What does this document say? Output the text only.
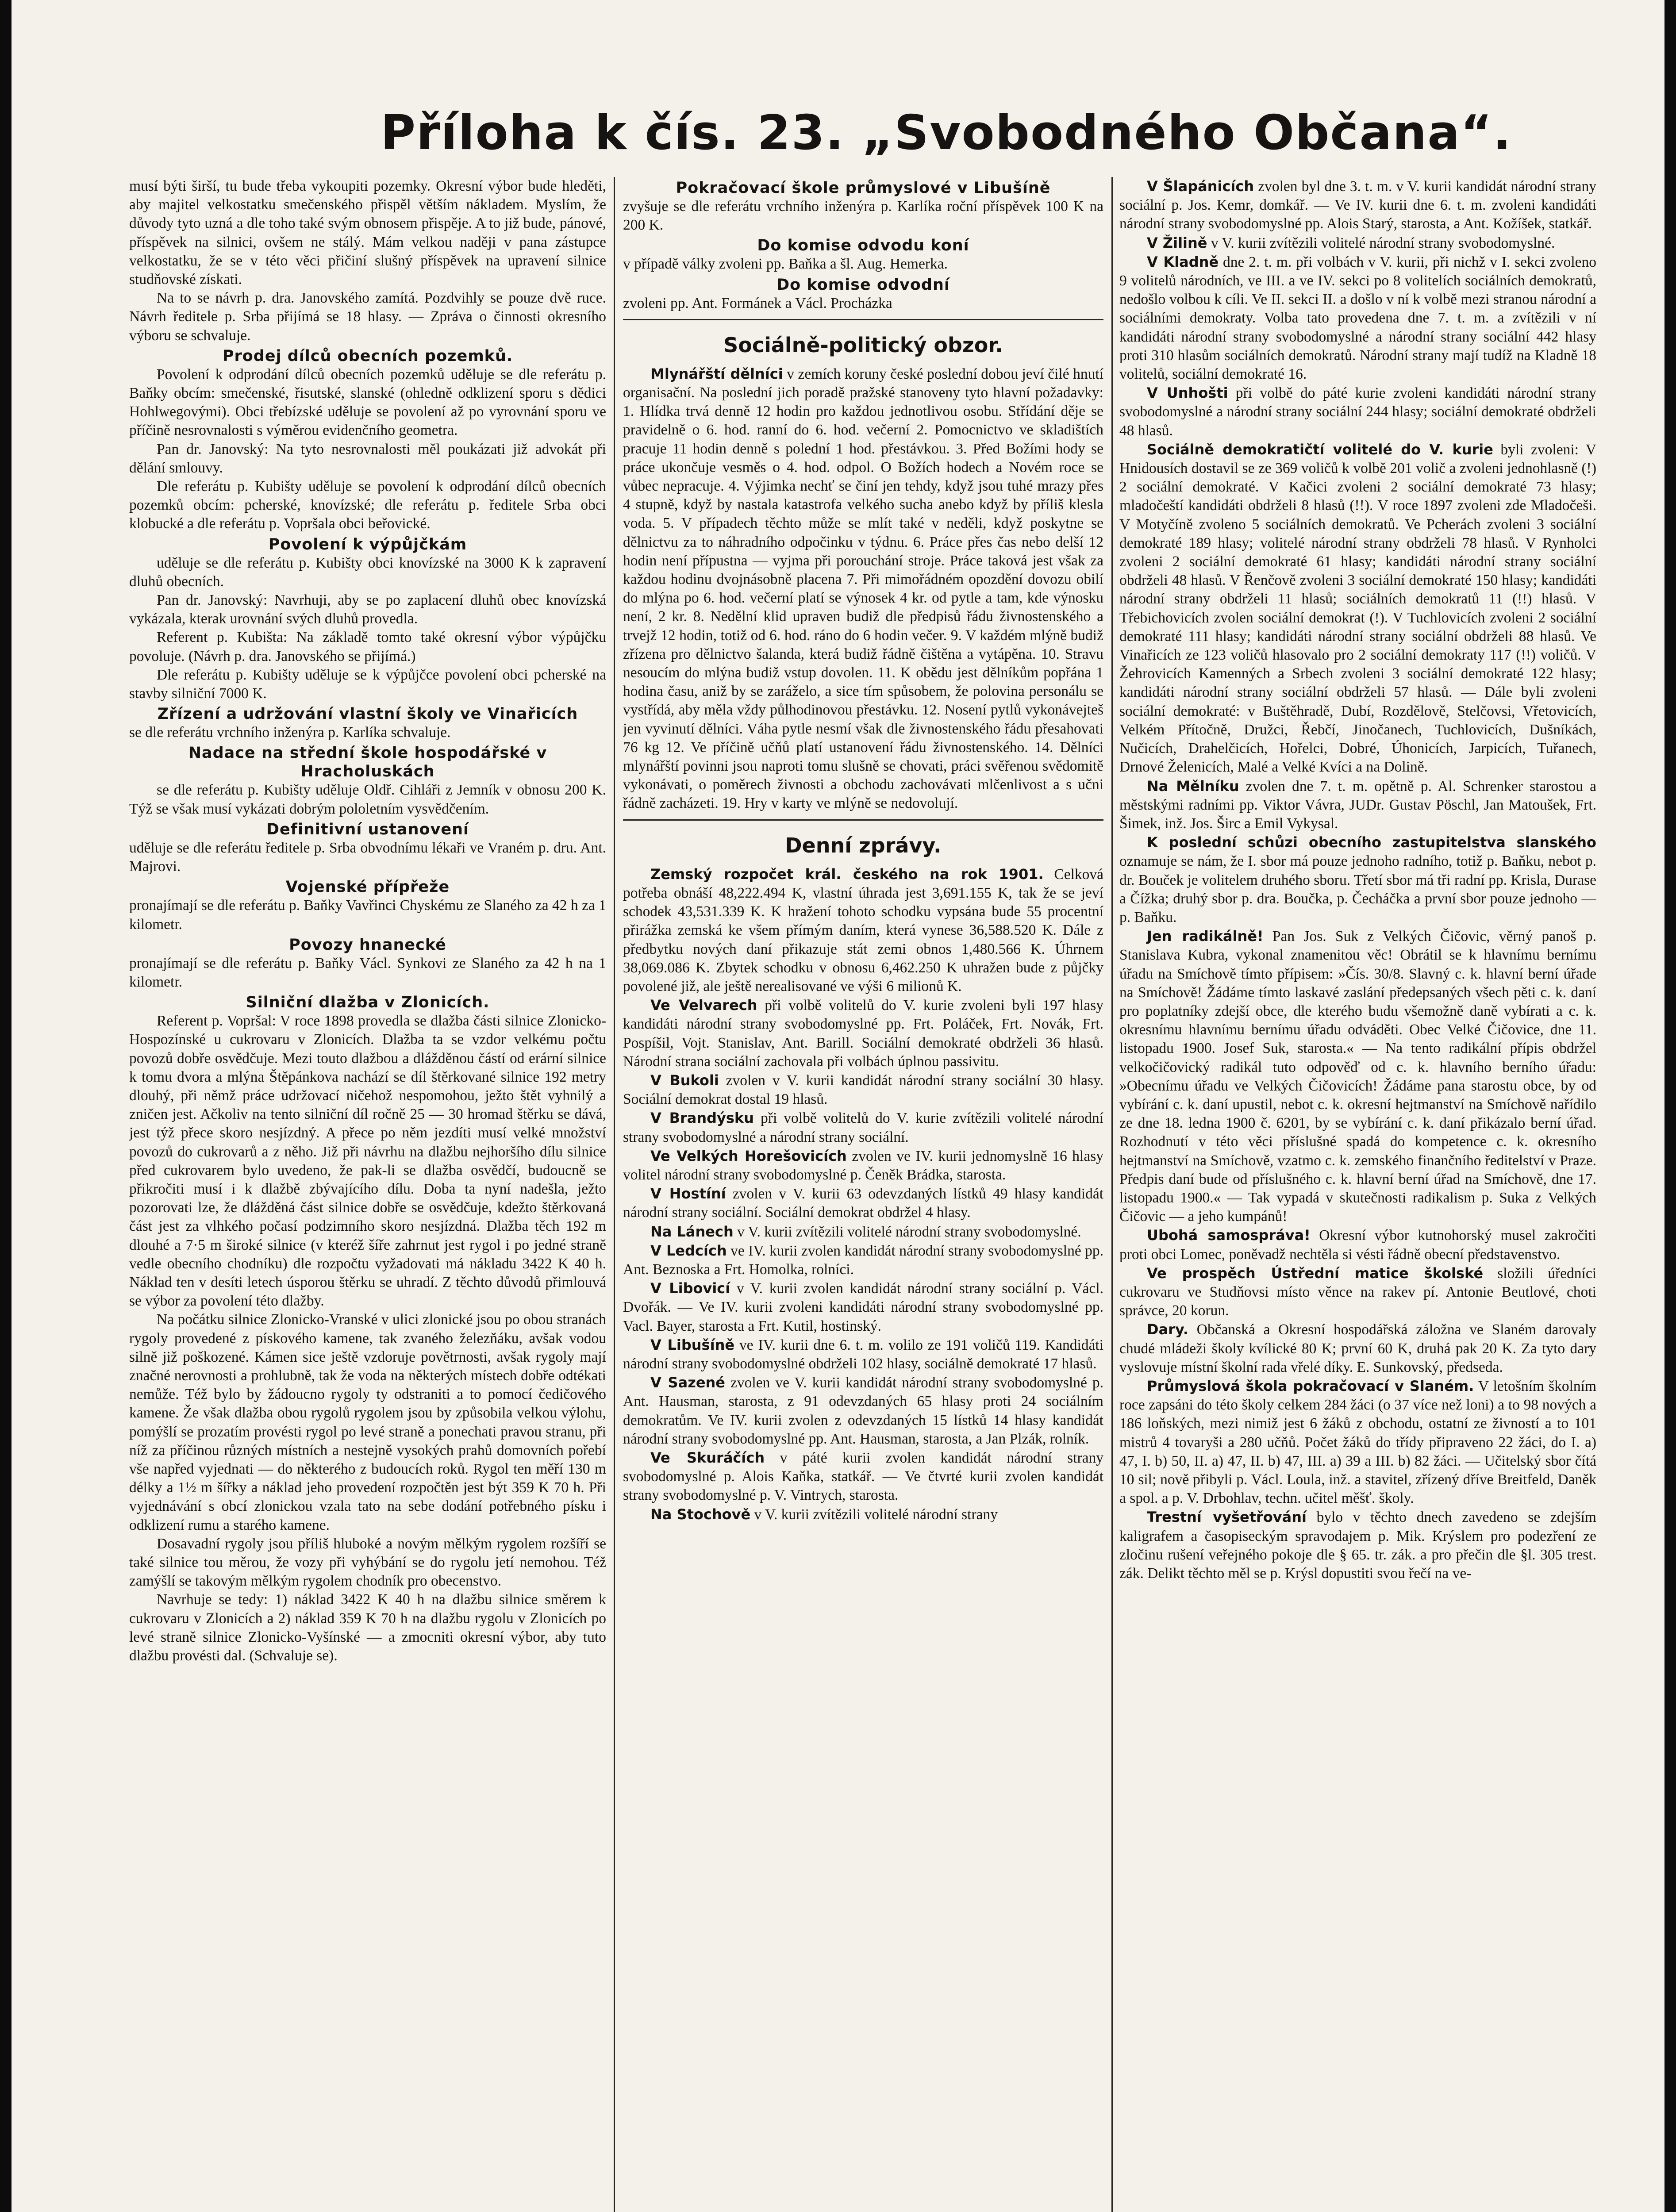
Příloha k čís. 23. „Svobodného Občana“.

musí býti širší, tu bude třeba vykoupiti pozemky. Okresní výbor bude hleděti, aby majitel velkostatku smečenského přispěl větším nákladem. Myslím, že důvody tyto uzná a dle toho také svým obnosem přispěje. A to již bude, pánové, příspěvek na silnici, ovšem ne stálý. Mám velkou naději v pana zástupce velkostatku, že se v této věci přičiní slušný příspěvek na upravení silnice studňovské získati.

Na to se návrh p. dra. Janovského zamítá. Pozdvihly se pouze dvě ruce. Návrh ředitele p. Srba přijímá se 18 hlasy. — Zpráva o činnosti okresního výboru se schvaluje.

Prodej dílců obecních pozemků.

Povolení k odprodání dílců obecních pozemků uděluje se dle referátu p. Baňky obcím: smečenské, řisutské, slanské (ohledně odklizení sporu s dědici Hohlwegovými). Obci třebízské uděluje se povolení až po vyrovnání sporu ve příčině nesrovnalosti s výměrou evidenčního geometra.

Pan dr. Janovský: Na tyto nesrovnalosti měl poukázati již advokát při dělání smlouvy.

Dle referátu p. Kubišty uděluje se povolení k odprodání dílců obecních pozemků obcím: pcherské, knovízské; dle referátu p. ředitele Srba obci klobucké a dle referátu p. Vopršala obci beřovické.

Povolení k výpůjčkám

uděluje se dle referátu p. Kubišty obci knovízské na 3000 K k zapravení dluhů obecních.

Pan dr. Janovský: Navrhuji, aby se po zaplacení dluhů obec knovízská vykázala, kterak urovnání svých dluhů provedla.

Referent p. Kubišta: Na základě tomto také okresní výbor výpůjčku povoluje. (Návrh p. dra. Janovského se přijímá.)

Dle referátu p. Kubišty uděluje se k výpůjčce povolení obci pcherské na stavby silniční 7000 K.

Zřízení a udržování vlastní školy ve Vinařicích

se dle referátu vrchního inženýra p. Karlíka schvaluje.

Nadace na střední škole hospodářské v Hracholuskách

se dle referátu p. Kubišty uděluje Oldř. Cihláři z Jemník v obnosu 200 K. Týž se však musí vykázati dobrým pololetním vysvědčením.

Definitivní ustanovení

uděluje se dle referátu ředitele p. Srba obvodnímu lékaři ve Vraném p. dru. Ant. Majrovi.

Vojenské přípřeže

pronajímají se dle referátu p. Baňky Vavřinci Chyskému ze Slaného za 42 h za 1 kilometr.

Povozy hnanecké

pronajímají se dle referátu p. Baňky Václ. Synkovi ze Slaného za 42 h na 1 kilometr.

Silniční dlažba v Zlonicích.

Referent p. Vopršal: V roce 1898 provedla se dlažba části silnice Zlonicko-Hospozínské u cukrovaru v Zlonicích. Dlažba ta se vzdor velkému počtu povozů dobře osvědčuje. Mezi touto dlažbou a dlážděnou částí od erární silnice k tomu dvora a mlýna Štěpánkova nachází se díl štěrkované silnice 192 metry dlouhý, při němž práce udržovací ničehož nespomohou, ježto štět vyhnilý a zničen jest. Ačkoliv na tento silniční díl ročně 25 — 30 hromad štěrku se dává, jest týž přece skoro nesjízdný. A přece po něm jezdíti musí velké množství povozů do cukrovarů a z něho. Již při návrhu na dlažbu nejhoršího dílu silnice před cukrovarem bylo uvedeno, že pak-li se dlažba osvědčí, budoucně se přikročiti musí i k dlažbě zbývajícího dílu. Doba ta nyní nadešla, ježto pozorovati lze, že dlážděná část silnice dobře se osvědčuje, kdežto štěrkovaná část jest za vlhkého počasí podzimního skoro nesjízdná. Dlažba těch 192 m dlouhé a 7·5 m široké silnice (v kteréž šíře zahrnut jest rygol i po jedné straně vedle obecního chodníku) dle rozpočtu vyžadovati má nákladu 3422 K 40 h. Náklad ten v desíti letech úsporou štěrku se uhradí. Z těchto důvodů přimlouvá se výbor za povolení této dlažby.

Na počátku silnice Zlonicko-Vranské v ulici zlonické jsou po obou stranách rygoly provedené z pískového kamene, tak zvaného železňáku, avšak vodou silně již poškozené. Kámen sice ještě vzdoruje povětrnosti, avšak rygoly mají značné nerovnosti a prohlubně, tak že voda na některých místech dobře odtékati nemůže. Též bylo by žádoucno rygoly ty odstraniti a to pomocí čedičového kamene. Že však dlažba obou rygolů rygolem jsou by způsobila velkou výlohu, pomýšlí se prozatím provésti rygol po levé straně a ponechati pravou stranu, při níž za příčinou různých místních a nestejně vysokých prahů domovních pořebí vše napřed vyjednati — do některého z budoucích roků. Rygol ten měří 130 m délky a 1½ m šířky a náklad jeho provedení rozpočtěn jest být 359 K 70 h. Při vyjednávání s obcí zlonickou vzala tato na sebe dodání potřebného písku i odklizení rumu a starého kamene.

Dosavadní rygoly jsou příliš hluboké a novým mělkým rygolem rozšíří se také silnice tou měrou, že vozy při vyhýbání se do rygolu jetí nemohou. Též zamýšlí se takovým mělkým rygolem chodník pro obecenstvo.

Navrhuje se tedy: 1) náklad 3422 K 40 h na dlažbu silnice směrem k cukrovaru v Zlonicích a 2) náklad 359 K 70 h na dlažbu rygolu v Zlonicích po levé straně silnice Zlonicko-Vyšínské — a zmocniti okresní výbor, aby tuto dlažbu provésti dal. (Schvaluje se).

Pokračovací škole průmyslové v Libušíně

zvyšuje se dle referátu vrchního inženýra p. Karlíka roční příspěvek 100 K na 200 K.

Do komise odvodu koní

v případě války zvoleni pp. Baňka a šl. Aug. Hemerka.

Do komise odvodní

zvoleni pp. Ant. Formánek a Václ. Procházka

Sociálně-politický obzor.

Mlynářští dělníci v zemích koruny české poslední dobou jeví čilé hnutí organisační. Na poslední jich poradě pražské stanoveny tyto hlavní požadavky: 1. Hlídka trvá denně 12 hodin pro každou jednotlivou osobu. Střídání děje se pravidelně o 6. hod. ranní do 6. hod. večerní 2. Pomocnictvo ve skladištích pracuje 11 hodin denně s polední 1 hod. přestávkou. 3. Před Božími hody se práce ukončuje vesměs o 4. hod. odpol. O Božích hodech a Novém roce se vůbec nepracuje. 4. Výjimka nechť se činí jen tehdy, když jsou tuhé mrazy přes 4 stupně, když by nastala katastrofa velkého sucha anebo když by příliš klesla voda. 5. V případech těchto může se mlít také v neděli, když poskytne se dělnictvu za to náhradního odpočinku v týdnu. 6. Práce přes čas nebo delší 12 hodin není přípustna — vyjma při porouchání stroje. Práce taková jest však za každou hodinu dvojnásobně placena 7. Při mimořádném opozdění dovozu obilí do mlýna po 6. hod. večerní platí se výnosek 4 kr. od pytle a tam, kde výnosku není, 2 kr. 8. Nedělní klid upraven budiž dle předpisů řádu živnostenského a trvejž 12 hodin, totiž od 6. hod. ráno do 6 hodin večer. 9. V každém mlýně budiž zřízena pro dělnictvo šalanda, která budiž řádně čištěna a vytápěna. 10. Stravu nesoucím do mlýna budiž vstup dovolen. 11. K obědu jest dělníkům popřána 1 hodina času, aniž by se zaráželo, a sice tím spůsobem, že polovina personálu se vystřídá, aby měla vždy půlhodinovou přestávku. 12. Nosení pytlů vykonávejteš jen vyvinutí dělníci. Váha pytle nesmí však dle živnostenského řádu přesahovati 76 kg 12. Ve příčině učňů platí ustanovení řádu živnostenského. 14. Dělníci mlynářští povinni jsou naproti tomu slušně se chovati, práci svěřenou svědomitě vykonávati, o poměrech živnosti a obchodu zachovávati mlčenlivost a s učni řádně zacházeti. 19. Hry v karty ve mlýně se nedovolují.

Denní zprávy.

Zemský rozpočet král. českého na rok 1901. Celková potřeba obnáší 48,222.494 K, vlastní úhrada jest 3,691.155 K, tak že se jeví schodek 43,531.339 K. K hražení tohoto schodku vypsána bude 55 procentní přirážka zemská ke všem přímým daním, která vynese 36,588.520 K. Dále z předbytku nových daní přikazuje stát zemi obnos 1,480.566 K. Úhrnem 38,069.086 K. Zbytek schodku v obnosu 6,462.250 K uhražen bude z půjčky povolené již, ale ještě nerealisované ve výši 6 milionů K.

Ve Velvarech při volbě volitelů do V. kurie zvoleni byli 197 hlasy kandidáti národní strany svobodomyslné pp. Frt. Poláček, Frt. Novák, Frt. Pospíšil, Vojt. Stanislav, Ant. Barill. Sociální demokraté obdrželi 36 hlasů. Národní strana sociální zachovala při volbách úplnou passivitu.

V Bukoli zvolen v V. kurii kandidát národní strany sociální 30 hlasy. Sociální demokrat dostal 19 hlasů.

V Brandýsku při volbě volitelů do V. kurie zvítězili volitelé národní strany svobodomyslné a národní strany sociální.

Ve Velkých Horešovicích zvolen ve IV. kurii jednomyslně 16 hlasy volitel národní strany svobodomyslné p. Čeněk Brádka, starosta.

V Hostíní zvolen v V. kurii 63 odevzdaných lístků 49 hlasy kandidát národní strany sociální. Sociální demokrat obdržel 4 hlasy.

Na Lánech v V. kurii zvítězili volitelé národní strany svobodomyslné.

V Ledcích ve IV. kurii zvolen kandidát národní strany svobodomyslné pp. Ant. Beznoska a Frt. Homolka, rolníci.

V Libovicí v V. kurii zvolen kandidát národní strany sociální p. Václ. Dvořák. — Ve IV. kurii zvoleni kandidáti národní strany svobodomyslné pp. Vacl. Bayer, starosta a Frt. Kutil, hostinský.

V Libušíně ve IV. kurii dne 6. t. m. volilo ze 191 voličů 119. Kandidáti národní strany svobodomyslné obdrželi 102 hlasy, sociálně demokraté 17 hlasů.

V Sazené zvolen ve V. kurii kandidát národní strany svobodomyslné p. Ant. Hausman, starosta, z 91 odevzdaných 65 hlasy proti 24 sociálním demokratům. Ve IV. kurii zvolen z odevzdaných 15 lístků 14 hlasy kandidát národní strany svobodomyslné pp. Ant. Hausman, starosta, a Jan Plzák, rolník.

Ve Skuráčích v páté kurii zvolen kandidát národní strany svobodomyslné p. Alois Kaňka, statkář. — Ve čtvrté kurii zvolen kandidát strany svobodomyslné p. V. Vintrych, starosta.

Na Stochově v V. kurii zvítězili volitelé národní strany

V Šlapánicích zvolen byl dne 3. t. m. v V. kurii kandidát národní strany sociální p. Jos. Kemr, domkář. — Ve IV. kurii dne 6. t. m. zvoleni kandidáti národní strany svobodomyslné pp. Alois Starý, starosta, a Ant. Kožíšek, statkář.

V Žilině v V. kurii zvítězili volitelé národní strany svobodomyslné.

V Kladně dne 2. t. m. při volbách v V. kurii, při nichž v I. sekci zvoleno 9 volitelů národních, ve III. a ve IV. sekci po 8 volitelích sociálních demokratů, nedošlo volbou k cíli. Ve II. sekci II. a došlo v ní k volbě mezi stranou národní a sociálními demokraty. Volba tato provedena dne 7. t. m. a zvítězili v ní kandidáti národní strany svobodomyslné a národní strany sociální 442 hlasy proti 310 hlasům sociálních demokratů. Národní strany mají tudíž na Kladně 18 volitelů, sociální demokraté 16.

V Unhošti při volbě do páté kurie zvoleni kandidáti národní strany svobodomyslné a národní strany sociální 244 hlasy; sociální demokraté obdrželi 48 hlasů.

Sociálně demokratičtí volitelé do V. kurie byli zvoleni: V Hnidousích dostavil se ze 369 voličů k volbě 201 volič a zvoleni jednohlasně (!) 2 sociální demokraté. V Kačici zvoleni 2 sociální demokraté 73 hlasy; mladočeští kandidáti obdrželi 8 hlasů (!!). V roce 1897 zvoleni zde Mladočeši. V Motyčíně zvoleno 5 sociálních demokratů. Ve Pcherách zvoleni 3 sociální demokraté 189 hlasy; volitelé národní strany obdrželi 78 hlasů. V Rynholci zvoleni 2 sociální demokraté 61 hlasy; kandidáti národní strany sociální obdrželi 48 hlasů. V Řenčově zvoleni 3 sociální demokraté 150 hlasy; kandidáti národní strany obdrželi 11 hlasů; sociálních demokratů 11 (!!) hlasů. V Třebichovicích zvolen sociální demokrat (!). V Tuchlovicích zvoleni 2 sociální demokraté 111 hlasy; kandidáti národní strany sociální obdrželi 88 hlasů. Ve Vinařicích ze 123 voličů hlasovalo pro 2 sociální demokraty 117 (!!) voličů. V Žehrovicích Kamenných a Srbech zvoleni 3 sociální demokraté 122 hlasy; kandidáti národní strany sociální obdrželi 57 hlasů. — Dále byli zvoleni sociální demokraté: v Buštěhradě, Dubí, Rozdělově, Stelčovsi, Vřetovicích, Velkém Přítočně, Družci, Řebčí, Jinočanech, Tuchlovicích, Dušníkách, Nučicích, Drahelčicích, Hořelci, Dobré, Úhonicích, Jarpicích, Tuřanech, Drnové Želenicích, Malé a Velké Kvíci a na Dolině.

Na Mělníku zvolen dne 7. t. m. opětně p. Al. Schrenker starostou a městskými radními pp. Viktor Vávra, JUDr. Gustav Pöschl, Jan Matoušek, Frt. Šimek, inž. Jos. Širc a Emil Vykysal.

K poslední schůzi obecního zastupitelstva slanského oznamuje se nám, že I. sbor má pouze jednoho radního, totiž p. Baňku, nebot p. dr. Bouček je volitelem druhého sboru. Třetí sbor má tři radní pp. Krisla, Durase a Čížka; druhý sbor p. dra. Boučka, p. Čecháčka a první sbor pouze jednoho — p. Baňku.

Jen radikálně! Pan Jos. Suk z Velkých Čičovic, věrný panoš p. Stanislava Kubra, vykonal znamenitou věc! Obrátil se k hlavnímu bernímu úřadu na Smíchově tímto přípisem: »Čís. 30/8. Slavný c. k. hlavní berní úřade na Smíchově! Žádáme tímto laskavé zaslání předepsaných všech pěti c. k. daní pro poplatníky zdejší obce, dle kterého budu všemožně daně vybírati a c. k. okresnímu hlavnímu bernímu úřadu odváděti. Obec Velké Čičovice, dne 11. listopadu 1900. Josef Suk, starosta.« — Na tento radikální přípis obdržel velkočičovický radikál tuto odpověď od c. k. hlavního berního úřadu: »Obecnímu úřadu ve Velkých Čičovicích! Žádáme pana starostu obce, by od vybírání c. k. daní upustil, nebot c. k. okresní hejtmanství na Smíchově nařídilo ze dne 18. ledna 1900 č. 6201, by se vybírání c. k. daní přikázalo berní úřad. Rozhodnutí v této věci příslušné spadá do kompetence c. k. okresního hejtmanství na Smíchově, vzatmo c. k. zemského finančního ředitelství v Praze. Předpis daní bude od příslušného c. k. hlavní berní úřad na Smíchově, dne 17. listopadu 1900.« — Tak vypadá v skutečnosti radikalism p. Suka z Velkých Čičovic — a jeho kumpánů!

Ubohá samospráva! Okresní výbor kutnohorský musel zakročiti proti obci Lomec, poněvadž nechtěla si vésti řádně obecní představenstvo.

Ve prospěch Ústřední matice školské složili úředníci cukrovaru ve Studňovsi místo věnce na rakev pí. Antonie Beutlové, choti správce, 20 korun.

Dary. Občanská a Okresní hospodářská záložna ve Slaném darovaly chudé mládeži školy kvílické 80 K; první 60 K, druhá pak 20 K. Za tyto dary vyslovuje místní školní rada vřelé díky. E. Sunkovský, předseda.

Průmyslová škola pokračovací v Slaném. V letošním školním roce zapsáni do této školy celkem 284 žáci (o 37 více než loni) a to 98 nových a 186 loňských, mezi nimiž jest 6 žáků z obchodu, ostatní ze živností a to 101 mistrů 4 tovaryši a 280 učňů. Počet žáků do třídy připraveno 22 žáci, do I. a) 47, I. b) 50, II. a) 47, II. b) 47, III. a) 39 a III. b) 82 žáci. — Učitelský sbor čítá 10 sil; nově přibyli p. Václ. Loula, inž. a stavitel, zřízený dříve Breitfeld, Daněk a spol. a p. V. Drbohlav, techn. učitel měšť. školy.

Trestní vyšetřování bylo v těchto dnech zavedeno se zdejším kaligrafem a časopiseckým spravodajem p. Mik. Krýslem pro podezření ze zločinu rušení veřejného pokoje dle § 65. tr. zák. a pro přečin dle §l. 305 trest. zák. Delikt těchto měl se p. Krýsl dopustiti svou řečí na ve-
